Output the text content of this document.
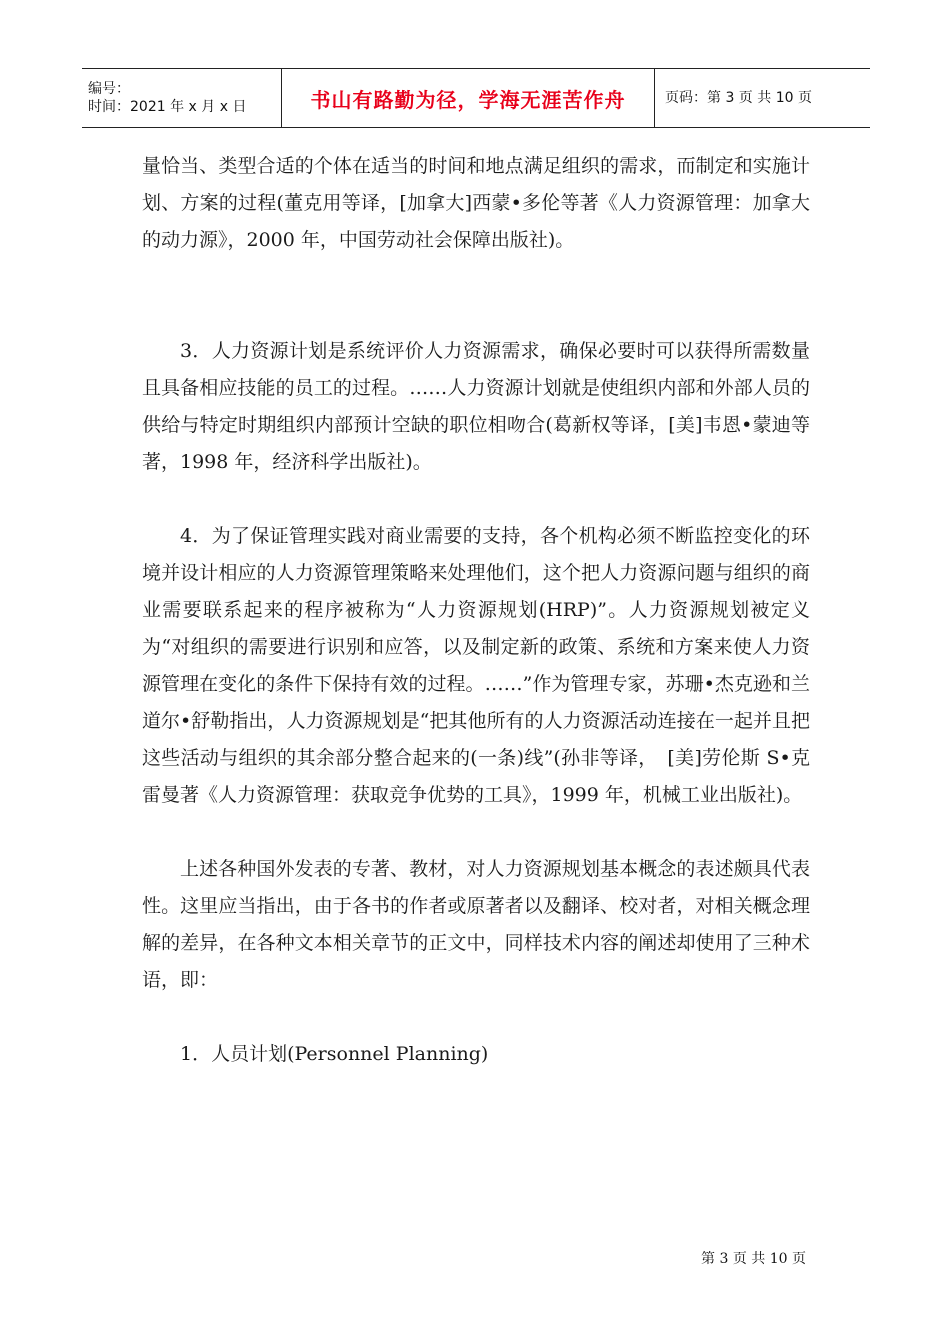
编号：
时间：2021 年 x 月 x 日	书山有路勤为径，学海无涯苦作舟	页码：第 3 页 共 10 页

量恰当、类型合适的个体在适当的时间和地点满足组织的需求，而制定和实施计划、方案的过程(董克用等译，[加拿大]西蒙•多伦等著《人力资源管理：加拿大的动力源》，2000 年，中国劳动社会保障出版社)。

3．人力资源计划是系统评价人力资源需求，确保必要时可以获得所需数量且具备相应技能的员工的过程。……人力资源计划就是使组织内部和外部人员的供给与特定时期组织内部预计空缺的职位相吻合(葛新权等译，[美]韦恩•蒙迪等著，1998 年，经济科学出版社)。

4．为了保证管理实践对商业需要的支持，各个机构必须不断监控变化的环境并设计相应的人力资源管理策略来处理他们，这个把人力资源问题与组织的商业需要联系起来的程序被称为“人力资源规划(HRP)”。人力资源规划被定义为“对组织的需要进行识别和应答，以及制定新的政策、系统和方案来使人力资源管理在变化的条件下保持有效的过程。……”作为管理专家，苏珊•杰克逊和兰道尔•舒勒指出，人力资源规划是“把其他所有的人力资源活动连接在一起并且把这些活动与组织的其余部分整合起来的(一条)线”(孙非等译，　[美]劳伦斯 S•克雷曼著《人力资源管理：获取竞争优势的工具》，1999 年，机械工业出版社)。

上述各种国外发表的专著、教材，对人力资源规划基本概念的表述颇具代表性。这里应当指出，由于各书的作者或原著者以及翻译、校对者，对相关概念理解的差异，在各种文本相关章节的正文中，同样技术内容的阐述却使用了三种术语，即：

1．人员计划(Personnel Planning)

第 3 页 共 10 页
